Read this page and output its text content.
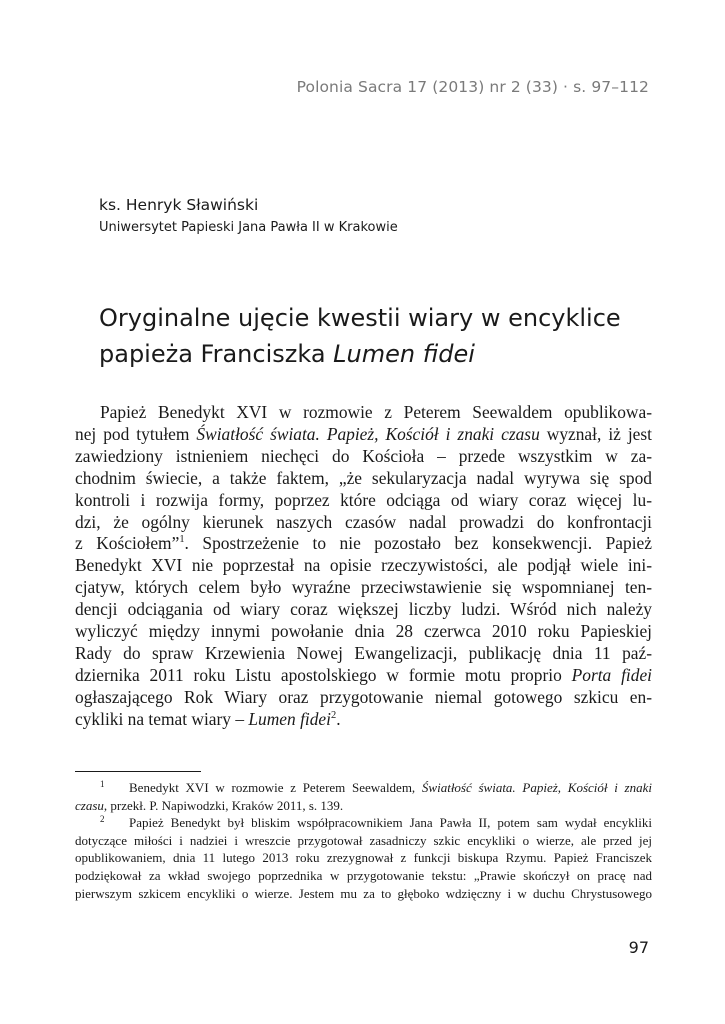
Polonia Sacra 17 (2013) nr 2 (33) · s. 97–112
ks. Henryk Sławiński
Uniwersytet Papieski Jana Pawła II w Krakowie
Oryginalne ujęcie kwestii wiary w encyklice
papieża Franciszka Lumen fidei
Papież Benedykt XVI w rozmowie z Peterem Seewaldem opublikowa-
nej pod tytułem Światłość świata. Papież, Kościół i znaki czasu wyznał, iż jest
zawiedziony istnieniem niechęci do Kościoła – przede wszystkim w za-
chodnim świecie, a także faktem, „że sekularyzacja nadal wyrywa się spod
kontroli i rozwija formy, poprzez które odciąga od wiary coraz więcej lu-
dzi, że ogólny kierunek naszych czasów nadal prowadzi do konfrontacji
z Kościołem”$^1$. Spostrzeżenie to nie pozostało bez konsekwencji. Papież
Benedykt XVI nie poprzestał na opisie rzeczywistości, ale podjął wiele ini-
cjatyw, których celem było wyraźne przeciwstawienie się wspomnianej ten-
dencji odciągania od wiary coraz większej liczby ludzi. Wśród nich należy
wyliczyć między innymi powołanie dnia 28 czerwca 2010 roku Papieskiej
Rady do spraw Krzewienia Nowej Ewangelizacji, publikację dnia 11 paź-
dziernika 2011 roku Listu apostolskiego w formie motu proprio Porta fidei
ogłaszającego Rok Wiary oraz przygotowanie niemal gotowego szkicu en-
cykliki na temat wiary – Lumen fidei$^2$.
1 Benedykt XVI w rozmowie z Peterem Seewaldem, Światłość świata. Papież, Kościół i znaki
czasu, przekł. P. Napiwodzki, Kraków 2011, s. 139.
2 Papież Benedykt był bliskim współpracownikiem Jana Pawła II, potem sam wydał encykliki
dotyczące miłości i nadziei i wreszcie przygotował zasadniczy szkic encykliki o wierze, ale przed jej
opublikowaniem, dnia 11 lutego 2013 roku zrezygnował z funkcji biskupa Rzymu. Papież Franciszek
podziękował za wkład swojego poprzednika w przygotowanie tekstu: „Prawie skończył on pracę nad
pierwszym szkicem encykliki o wierze. Jestem mu za to głęboko wdzięczny i w duchu Chrystusowego
97
